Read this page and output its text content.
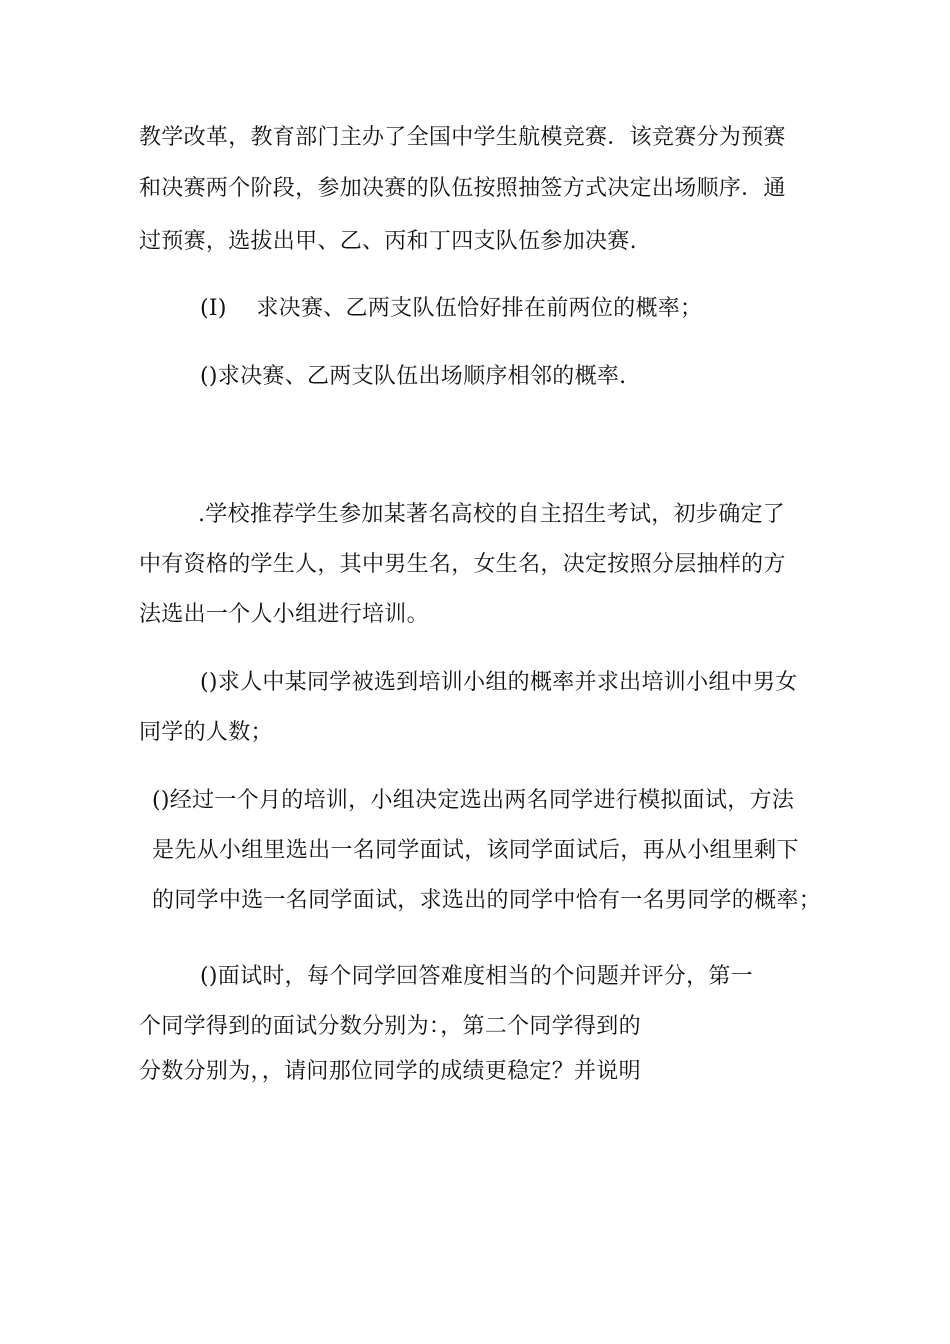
教学改革，教育部门主办了全国中学生航模竞赛．该竞赛分为预赛
和决赛两个阶段，参加决赛的队伍按照抽签方式决定出场顺序．通
过预赛，选拔出甲、乙、丙和丁四支队伍参加决赛.
(I)　 求决赛、乙两支队伍恰好排在前两位的概率；
()求决赛、乙两支队伍出场顺序相邻的概率.
.学校推荐学生参加某著名高校的自主招生考试，初步确定了
中有资格的学生人，其中男生名，女生名，决定按照分层抽样的方
法选出一个人小组进行培训。
()求人中某同学被选到培训小组的概率并求出培训小组中男女
同学的人数；
()经过一个月的培训，小组决定选出两名同学进行模拟面试，方法
是先从小组里选出一名同学面试，该同学面试后，再从小组里剩下
的同学中选一名同学面试，求选出的同学中恰有一名男同学的概率；
()面试时，每个同学回答难度相当的个问题并评分，第一
个同学得到的面试分数分别为：，第二个同学得到的
分数分别为，，请问那位同学的成绩更稳定？并说明
